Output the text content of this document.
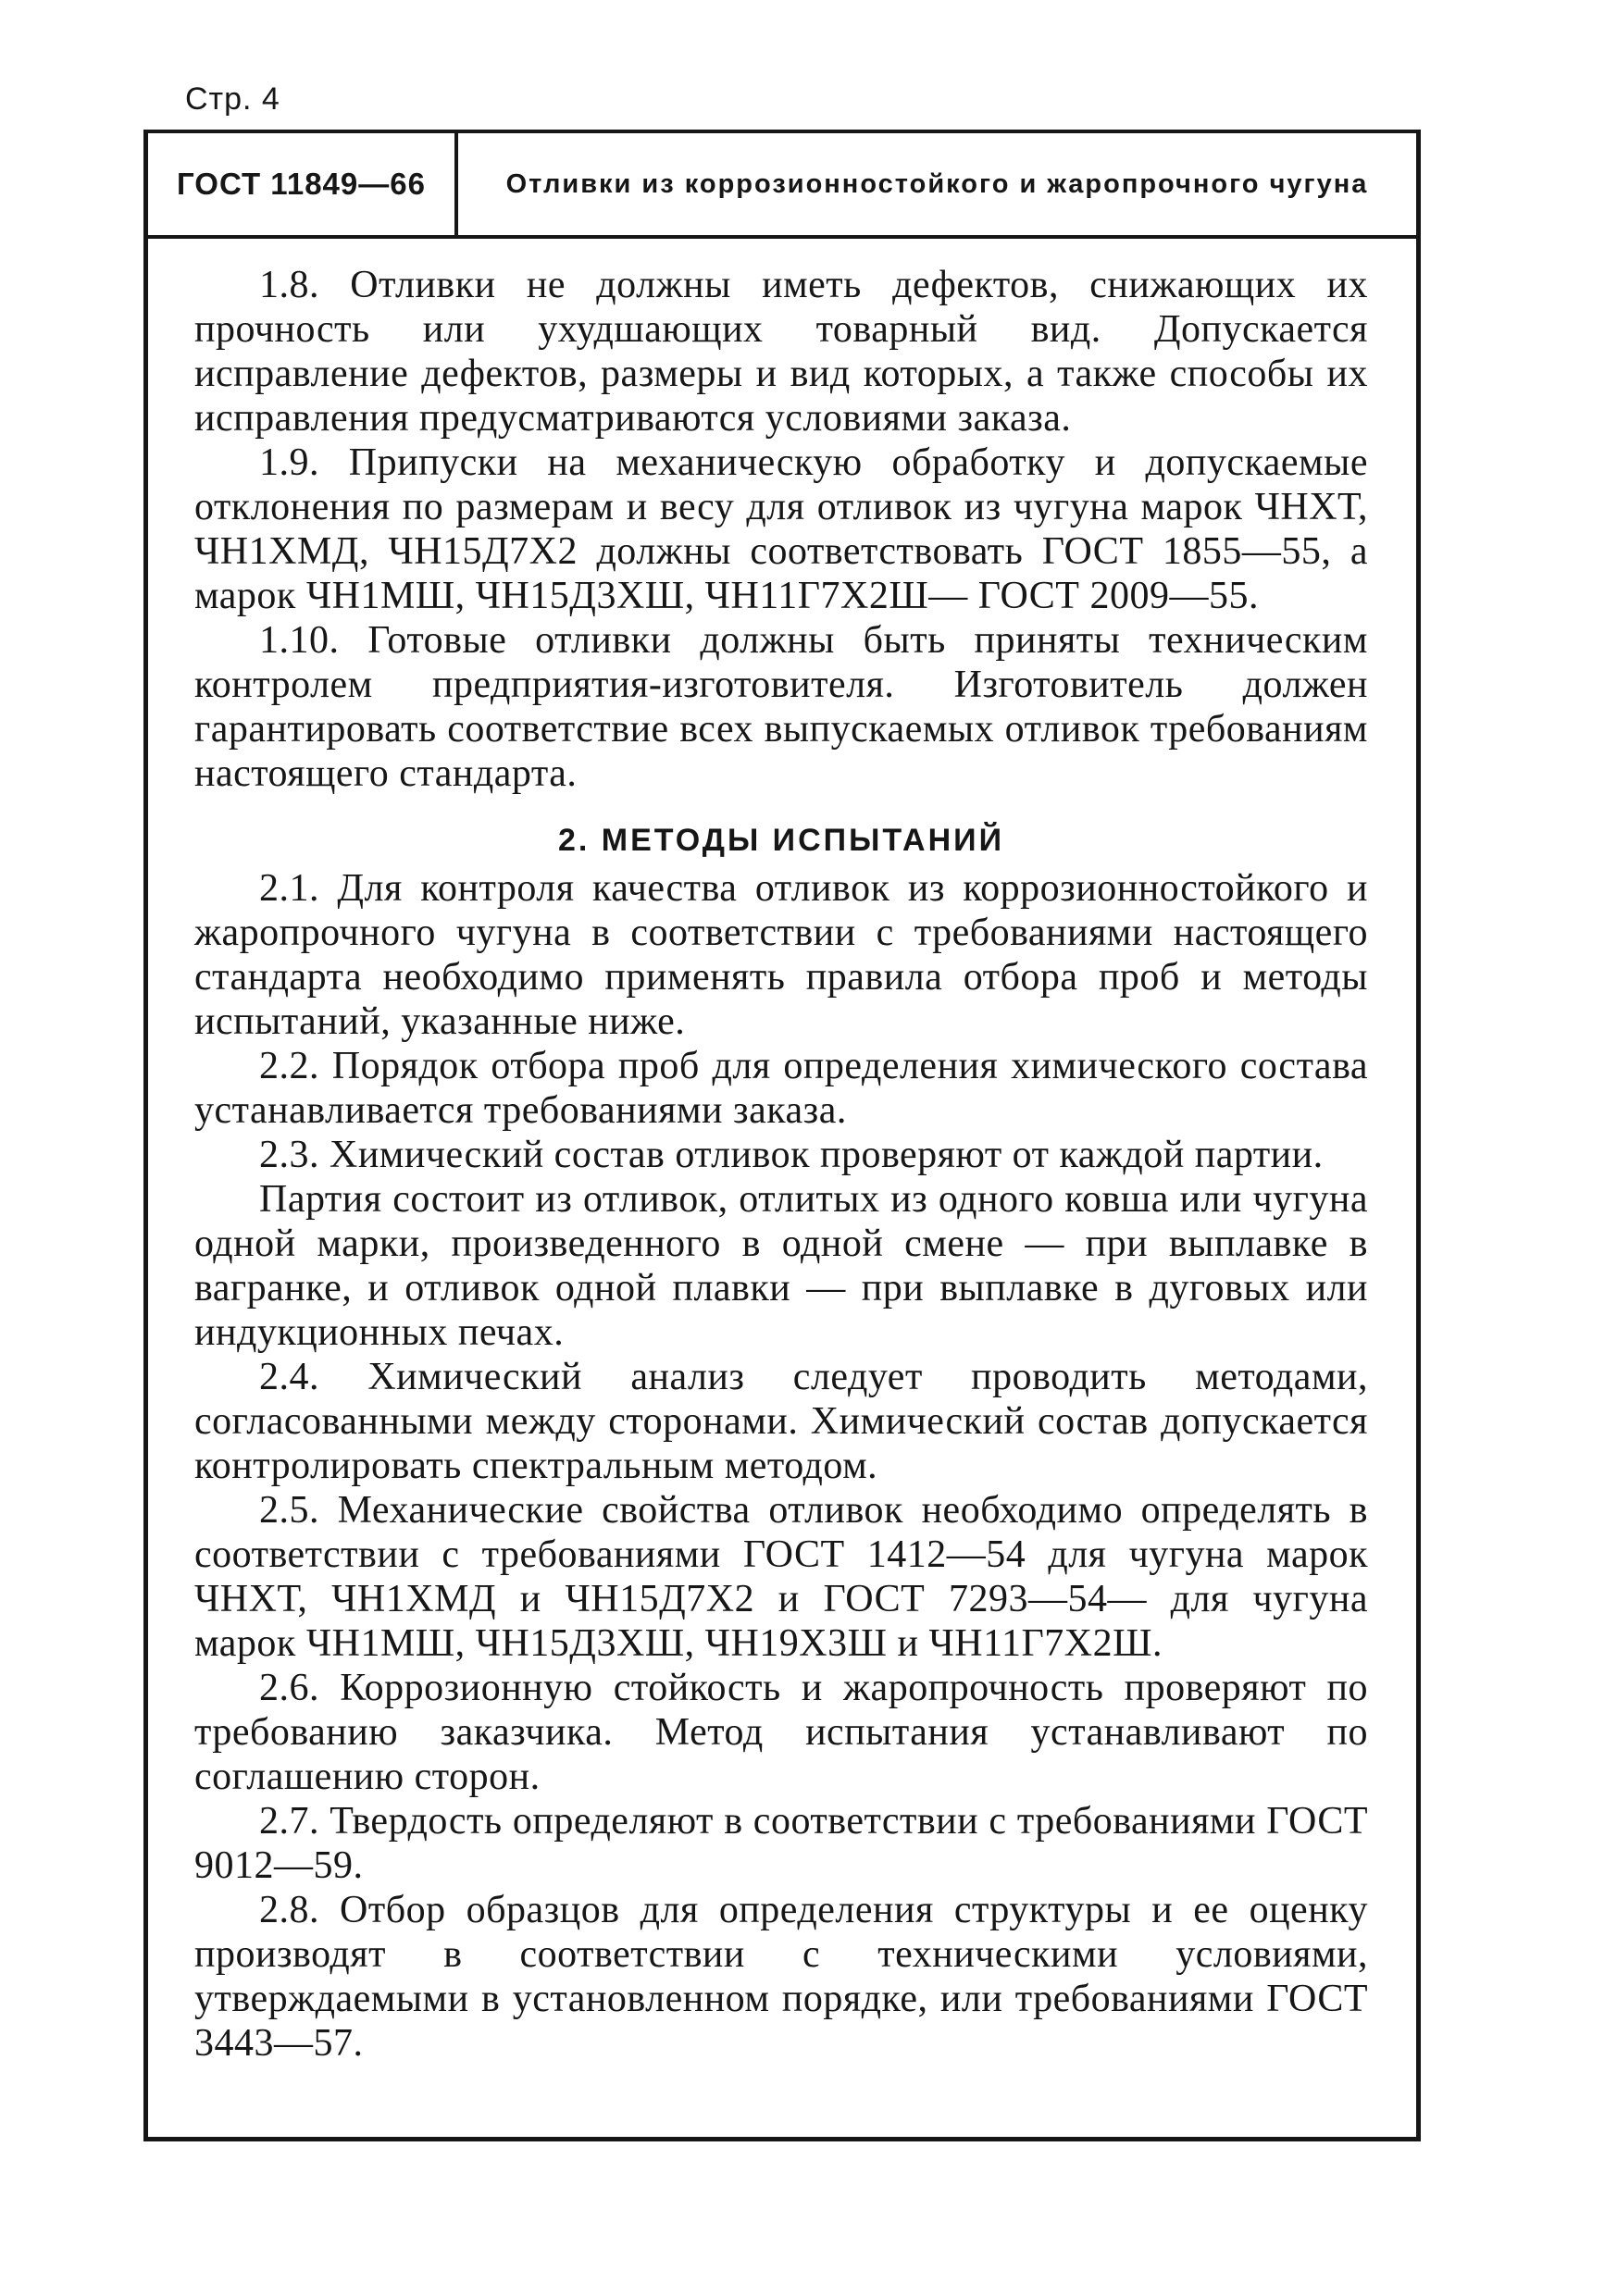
Стр. 4
ГОСТ 11849—66	Отливки из коррозионностойкого и жаропрочного чугуна

1.8. Отливки не должны иметь дефектов, снижающих их прочность или ухудшающих товарный вид. Допускается исправление дефектов, размеры и вид которых, а также способы их исправления предусматриваются условиями заказа.

1.9. Припуски на механическую обработку и допускаемые отклонения по размерам и весу для отливок из чугуна марок ЧНХТ, ЧН1ХМД, ЧН15Д7Х2 должны соответствовать ГОСТ 1855—55, а марок ЧН1МШ, ЧН15Д3ХШ, ЧН11Г7Х2Ш— ГОСТ 2009—55.

1.10. Готовые отливки должны быть приняты техническим контролем предприятия-изготовителя. Изготовитель должен гарантировать соответствие всех выпускаемых отливок требованиям настоящего стандарта.

2. МЕТОДЫ ИСПЫТАНИЙ

2.1. Для контроля качества отливок из коррозионностойкого и жаропрочного чугуна в соответствии с требованиями настоящего стандарта необходимо применять правила отбора проб и методы испытаний, указанные ниже.

2.2. Порядок отбора проб для определения химического состава устанавливается требованиями заказа.

2.3. Химический состав отливок проверяют от каждой партии.

Партия состоит из отливок, отлитых из одного ковша или чугуна одной марки, произведенного в одной смене — при выплавке в вагранке, и отливок одной плавки — при выплавке в дуговых или индукционных печах.

2.4. Химический анализ следует проводить методами, согласованными между сторонами. Химический состав допускается контролировать спектральным методом.

2.5. Механические свойства отливок необходимо определять в соответствии с требованиями ГОСТ 1412—54 для чугуна марок ЧНХТ, ЧН1ХМД и ЧН15Д7Х2 и ГОСТ 7293—54— для чугуна марок ЧН1МШ, ЧН15Д3ХШ, ЧН19Х3Ш и ЧН11Г7Х2Ш.

2.6. Коррозионную стойкость и жаропрочность проверяют по требованию заказчика. Метод испытания устанавливают по соглашению сторон.

2.7. Твердость определяют в соответствии с требованиями ГОСТ 9012—59.

2.8. Отбор образцов для определения структуры и ее оценку производят в соответствии с техническими условиями, утверждаемыми в установленном порядке, или требованиями ГОСТ 3443—57.
